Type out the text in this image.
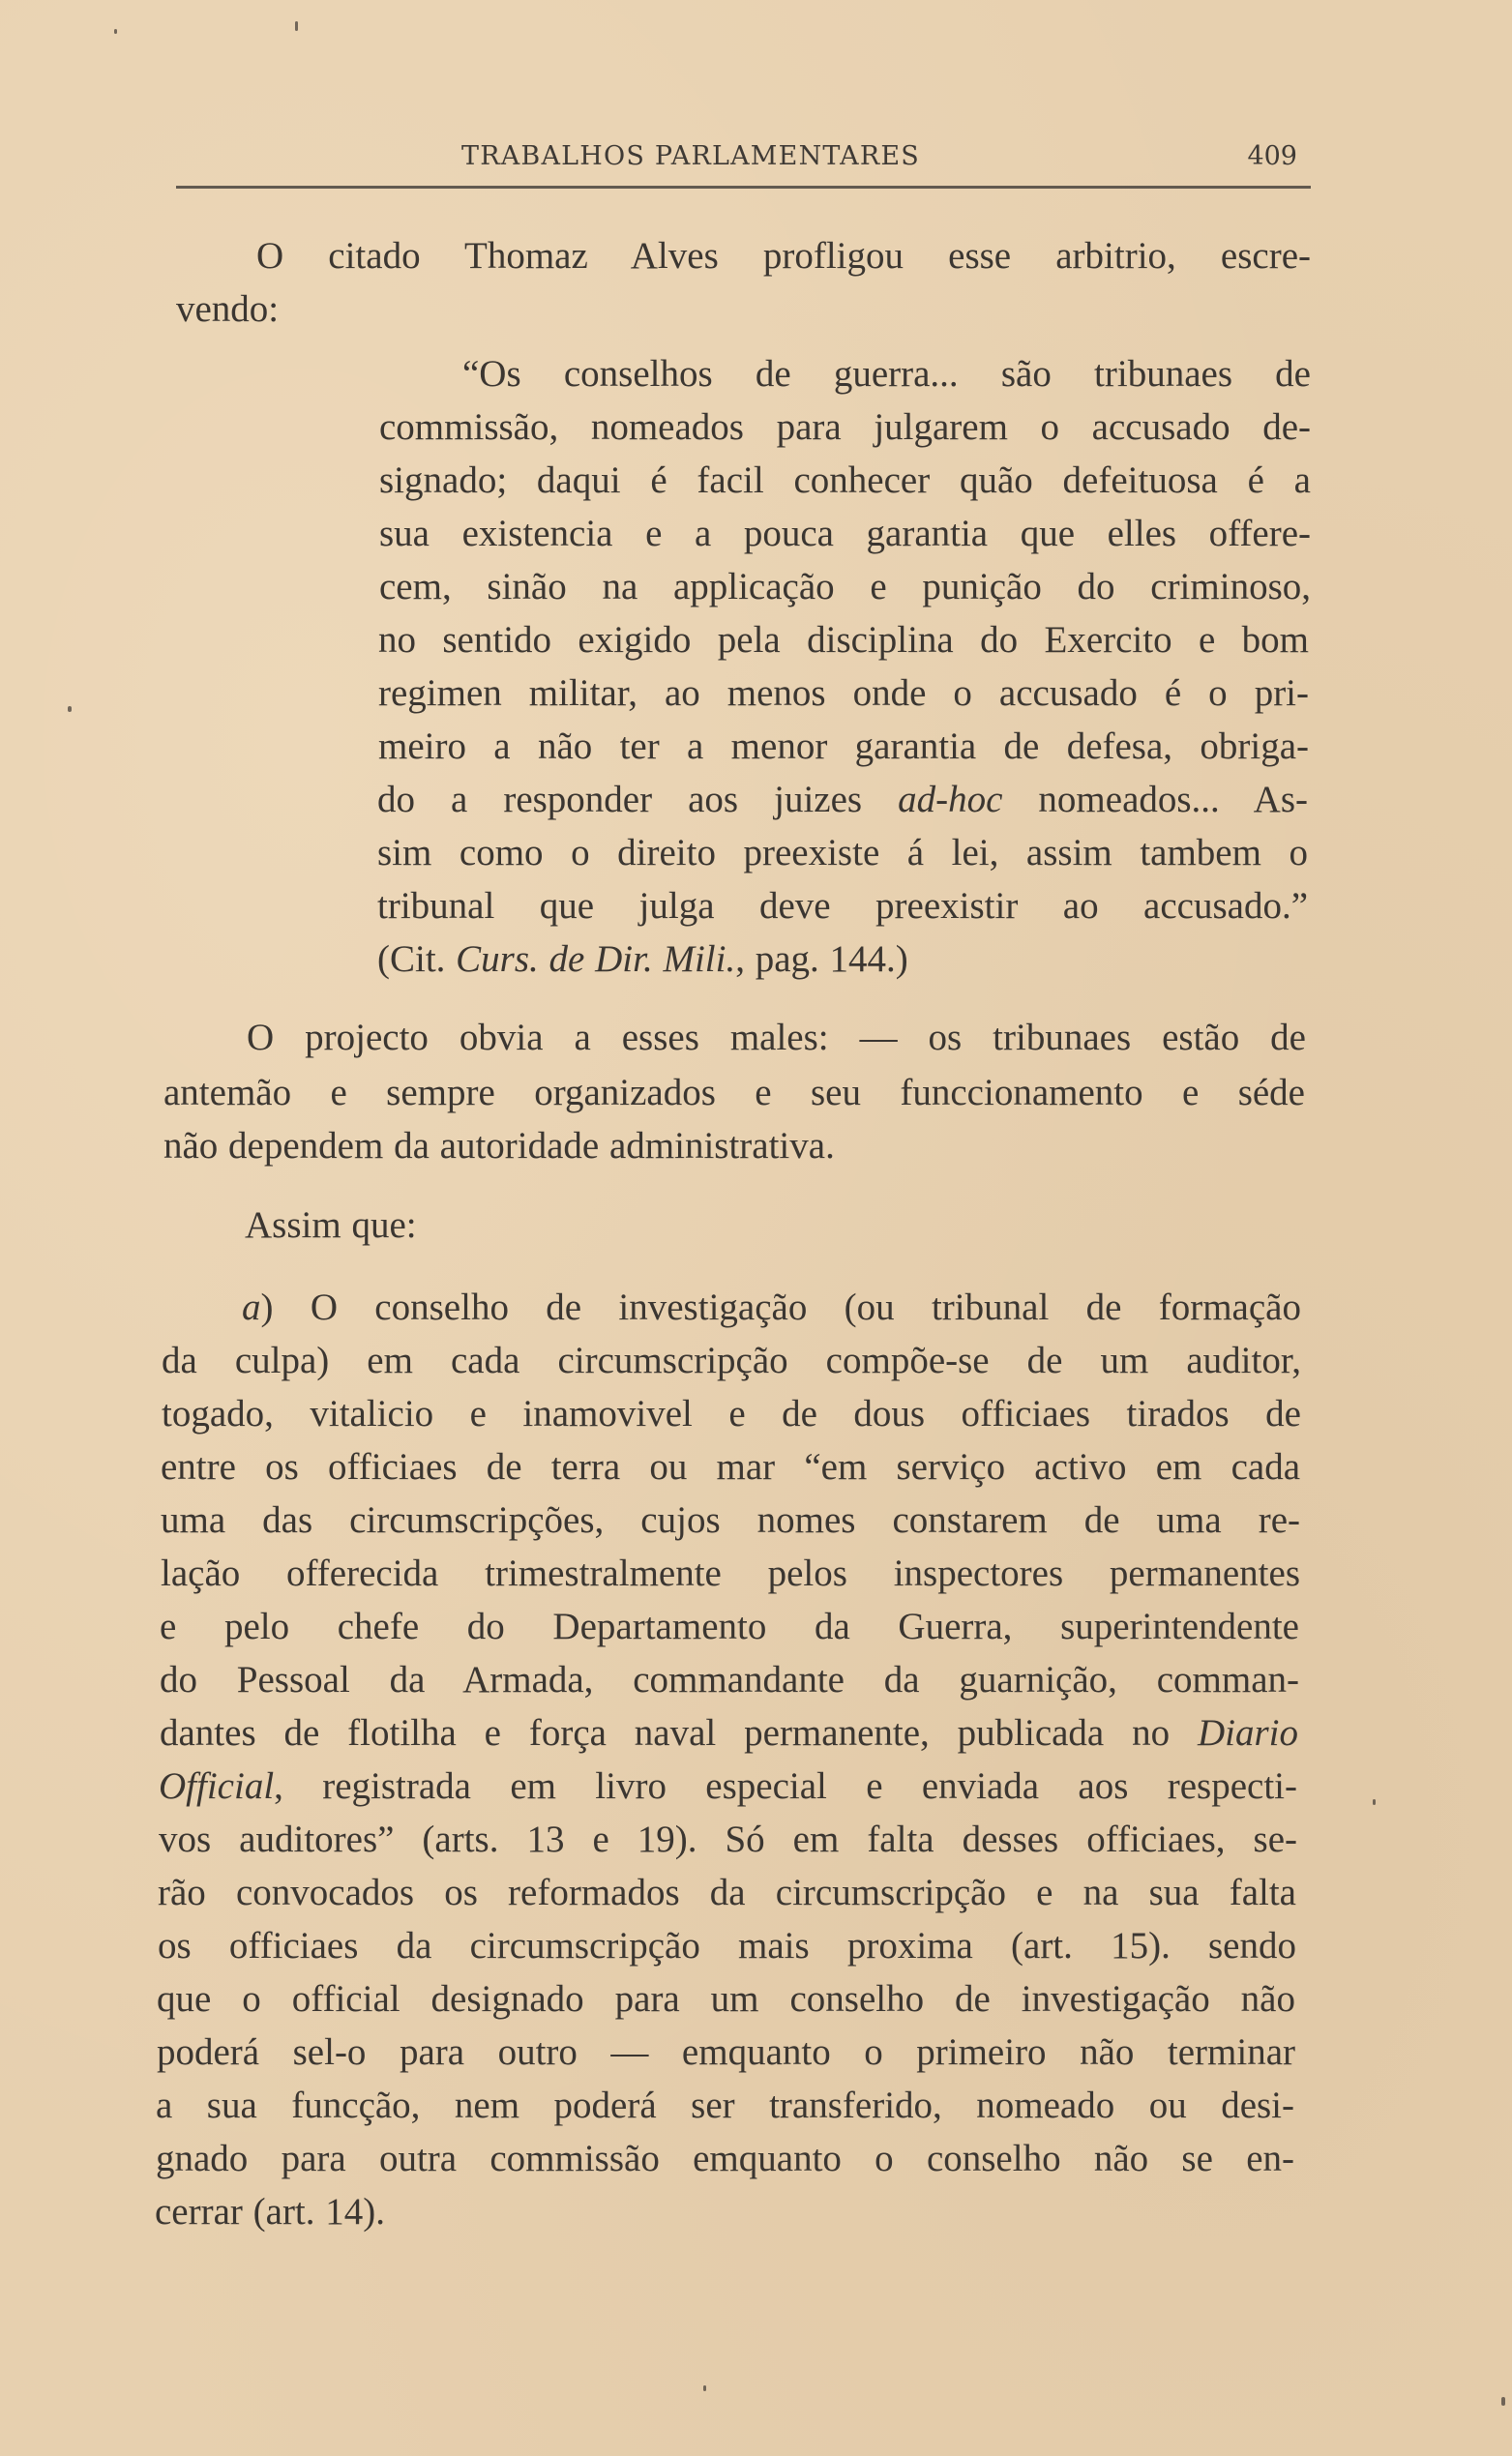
TRABALHOS PARLAMENTARES	409
O citado Thomaz Alves profligou esse arbitrio, escre-
vendo:
“Os conselhos de guerra... são tribunaes de
commissão, nomeados para julgarem o accusado de-
signado; daqui é facil conhecer quão defeituosa é a
sua existencia e a pouca garantia que elles offere-
cem, sinão na applicação e punição do criminoso,
no sentido exigido pela disciplina do Exercito e bom
regimen militar, ao menos onde o accusado é o pri-
meiro a não ter a menor garantia de defesa, obriga-
do a responder aos juizes ad-hoc nomeados... As-
sim como o direito preexiste á lei, assim tambem o
tribunal que julga deve preexistir ao accusado.”
(Cit. Curs. de Dir. Mili., pag. 144.)
O projecto obvia a esses males: — os tribunaes estão de
antemão e sempre organizados e seu funccionamento e séde
não dependem da autoridade administrativa.
Assim que:
a) O conselho de investigação (ou tribunal de formação
da culpa) em cada circumscripção compõe-se de um auditor,
togado, vitalicio e inamovivel e de dous officiaes tirados de
entre os officiaes de terra ou mar “em serviço activo em cada
uma das circumscripções, cujos nomes constarem de uma re-
lação offerecida trimestralmente pelos inspectores permanentes
e pelo chefe do Departamento da Guerra, superintendente
do Pessoal da Armada, commandante da guarnição, comman-
dantes de flotilha e força naval permanente, publicada no Diario
Official, registrada em livro especial e enviada aos respecti-
vos auditores” (arts. 13 e 19). Só em falta desses officiaes, se-
rão convocados os reformados da circumscripção e na sua falta
os officiaes da circumscripção mais proxima (art. 15). sendo
que o official designado para um conselho de investigação não
poderá sel-o para outro — emquanto o primeiro não terminar
a sua funcção, nem poderá ser transferido, nomeado ou desi-
gnado para outra commissão emquanto o conselho não se en-
cerrar (art. 14).
